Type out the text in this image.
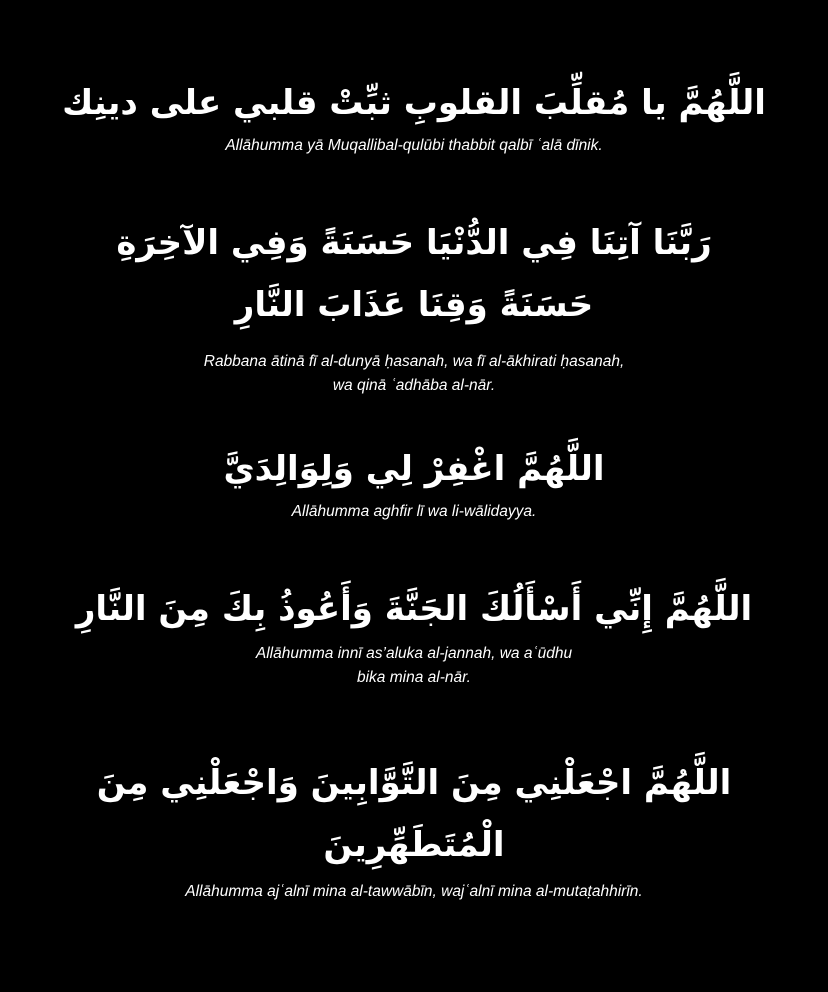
اللَّهُمَّ يا مُقلِّبَ القلوبِ ثبِّتْ قلبي على دينِك
Allāhumma yā Muqallibal-qulūbi thabbit qalbī ʿalā dīnik.
رَبَّنَا آتِنَا فِي الدُّنْيَا حَسَنَةً وَفِي الآخِرَةِ
حَسَنَةً وَقِنَا عَذَابَ النَّارِ
Rabbana ātinā fī al-dunyā ḥasanah, wa fī al-ākhirati ḥasanah,
wa qinā ʿadhāba al-nār.
اللَّهُمَّ اغْفِرْ لِي وَلِوَالِدَيَّ
Allāhumma aghfir lī wa li-wālidayya.
اللَّهُمَّ إِنِّي أَسْأَلُكَ الجَنَّةَ وَأَعُوذُ بِكَ مِنَ النَّارِ
Allāhumma innī as’aluka al-jannah, wa aʿūdhu
bika mina al-nār.
اللَّهُمَّ اجْعَلْنِي مِنَ التَّوَّابِينَ وَاجْعَلْنِي مِنَ
الْمُتَطَهِّرِينَ
Allāhumma ajʿalnī mina al-tawwābīn, wajʿalnī mina al-mutaṭahhirīn.
